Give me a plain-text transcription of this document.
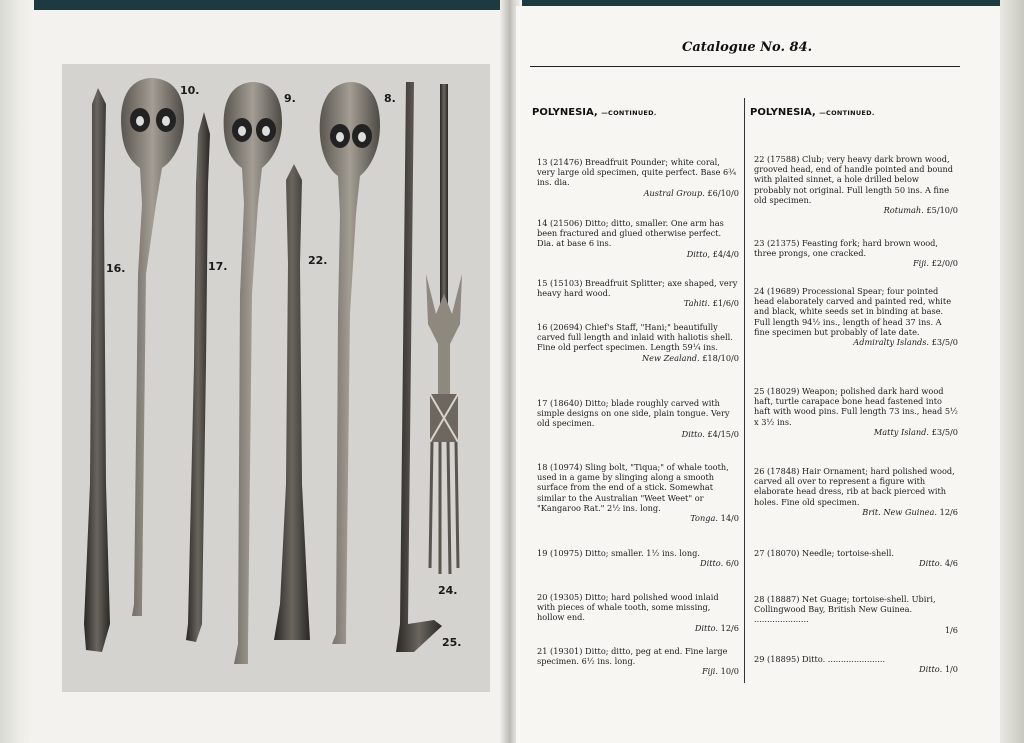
10.
9.	8.
16.	17.	22.
24.
25.
Catalogue No. 84.
POLYNESIA, —CONTINUED.	POLYNESIA, —CONTINUED.
13 (21476) Breadfruit Pounder; white coral, very large old specimen, quite perfect. Base 6¾ ins. dia.
Austral Group. £6/10/0
14 (21506) Ditto; ditto, smaller. One arm has been fractured and glued otherwise perfect. Dia. at base 6 ins.
Ditto, £4/4/0
15 (15103) Breadfruit Splitter; axe shaped, very heavy hard wood.
Tahiti. £1/6/0
16 (20694) Chief's Staff, "Hani;" beautifully carved full length and inlaid with haliotis shell. Fine old perfect specimen. Length 59¼ ins.
New Zealand. £18/10/0
17 (18640) Ditto; blade roughly carved with simple designs on one side, plain tongue. Very old specimen.
Ditto. £4/15/0
18 (10974) Sling bolt, "Tiqua;" of whale tooth, used in a game by slinging along a smooth surface from the end of a stick. Somewhat similar to the Australian "Weet Weet" or "Kangaroo Rat." 2½ ins. long.
Tonga. 14/0
19 (10975) Ditto; smaller. 1½ ins. long.
Ditto. 6/0
20 (19305) Ditto; hard polished wood inlaid with pieces of whale tooth, some missing, hollow end.
Ditto. 12/6
21 (19301) Ditto; ditto, peg at end. Fine large specimen. 6½ ins. long.
Fiji. 10/0
22 (17588) Club; very heavy dark brown wood, grooved head, end of handle pointed and bound with plaited sinnet, a hole drilled below probably not original. Full length 50 ins. A fine old specimen.
Rotumah. £5/10/0
23 (21375) Feasting fork; hard brown wood, three prongs, one cracked.
Fiji. £2/0/0
24 (19689) Processional Spear; four pointed head elaborately carved and painted red, white and black, white seeds set in binding at base. Full length 94½ ins., length of head 37 ins. A fine specimen but probably of late date.
Admiralty Islands. £3/5/0
25 (18029) Weapon; polished dark hard wood haft, turtle carapace bone head fastened into haft with wood pins. Full length 73 ins., head 5½ x 3½ ins.
Matty Island. £3/5/0
26 (17848) Hair Ornament; hard polished wood, carved all over to represent a figure with elaborate head dress, rib at back pierced with holes. Fine old specimen.
Brit. New Guinea. 12/6
27 (18070) Needle; tortoise-shell.
Ditto. 4/6
28 (18887) Net Guage; tortoise-shell. Ubiri, Collingwood Bay, British New Guinea. .....................
1/6
29 (18895) Ditto. ......................
Ditto. 1/0
